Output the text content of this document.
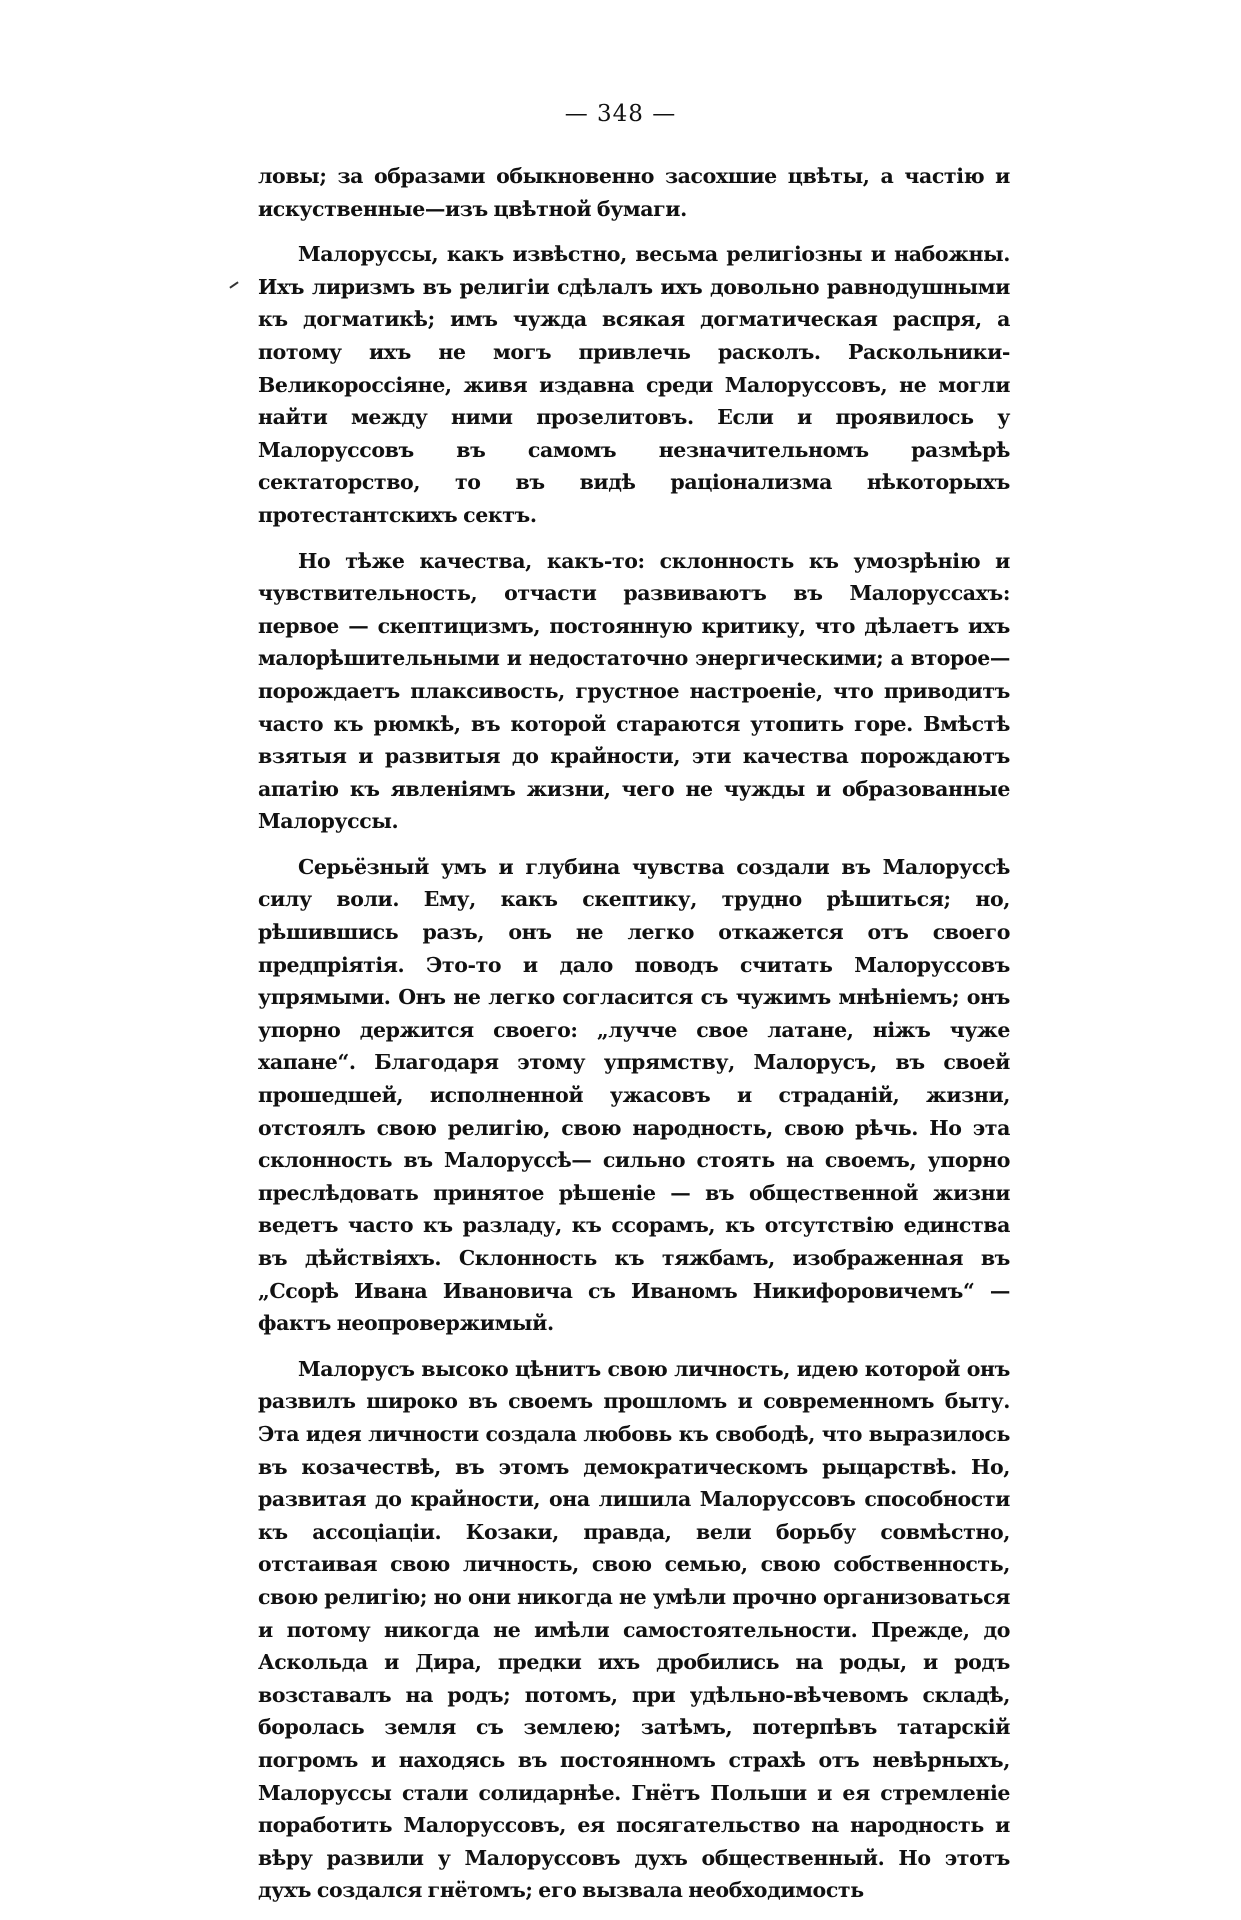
— 348 —

ловы; за образами обыкновенно засохшие цвѣты, а частію и искуственные—изъ цвѣтной бумаги.

Малоруссы, какъ извѣстно, весьма религіозны и набожны. Ихъ лиризмъ въ религіи сдѣлалъ ихъ довольно равнодушными къ догматикѣ; имъ чужда всякая догматическая распря, а потому ихъ не могъ привлечь расколъ. Раскольники-Великороссіяне, живя издавна среди Малоруссовъ, не могли найти между ними прозелитовъ. Если и проявилось у Малоруссовъ въ самомъ незначительномъ размѣрѣ сектаторство, то въ видѣ раціонализма нѣкоторыхъ протестантскихъ сектъ.

Но тѣже качества, какъ-то: склонность къ умозрѣнію и чувствительность, отчасти развиваютъ въ Малоруссахъ: первое — скептицизмъ, постоянную критику, что дѣлаетъ ихъ малорѣшительными и недостаточно энергическими; а второе—порождаетъ плаксивость, грустное настроеніе, что приводитъ часто къ рюмкѣ, въ которой стараются утопить горе. Вмѣстѣ взятыя и развитыя до крайности, эти качества порождаютъ апатію къ явленіямъ жизни, чего не чужды и образованные Малоруссы.

Серьёзный умъ и глубина чувства создали въ Малоруссѣ силу воли. Ему, какъ скептику, трудно рѣшиться; но, рѣшившись разъ, онъ не легко откажется отъ своего предпріятія. Это-то и дало поводъ считать Малоруссовъ упрямыми. Онъ не легко согласится съ чужимъ мнѣніемъ; онъ упорно держится своего: „лучче свое латане, ніжъ чуже хапане“. Благодаря этому упрямству, Малорусъ, въ своей прошедшей, исполненной ужасовъ и страданій, жизни, отстоялъ свою религію, свою народность, свою рѣчь. Но эта склонность въ Малоруссѣ— сильно стоять на своемъ, упорно преслѣдовать принятое рѣшеніе — въ общественной жизни ведетъ часто къ разладу, къ ссорамъ, къ отсутствію единства въ дѣйствіяхъ. Склонность къ тяжбамъ, изображенная въ „Ссорѣ Ивана Ивановича съ Иваномъ Никифоровичемъ“ — фактъ неопровержимый.

Малорусъ высоко цѣнитъ свою личность, идею которой онъ развилъ широко въ своемъ прошломъ и современномъ быту. Эта идея личности создала любовь къ свободѣ, что выразилось въ козачествѣ, въ этомъ демократическомъ рыцарствѣ. Но, развитая до крайности, она лишила Малоруссовъ способности къ ассоціаціи. Козаки, правда, вели борьбу совмѣстно, отстаивая свою личность, свою семью, свою собственность, свою религію; но они никогда не умѣли прочно организоваться и потому никогда не имѣли самостоятельности. Прежде, до Аскольда и Дира, предки ихъ дробились на роды, и родъ возставалъ на родъ; потомъ, при удѣльно-вѣчевомъ складѣ, боролась земля съ землею; затѣмъ, потерпѣвъ татарскій погромъ и находясь въ постоянномъ страхѣ отъ невѣрныхъ, Малоруссы стали солидарнѣе. Гнётъ Польши и ея стремленіе поработить Малоруссовъ, ея посягательство на народность и вѣру развили у Малоруссовъ духъ общественный. Но этотъ духъ создался гнётомъ; его вызвала необходимость
